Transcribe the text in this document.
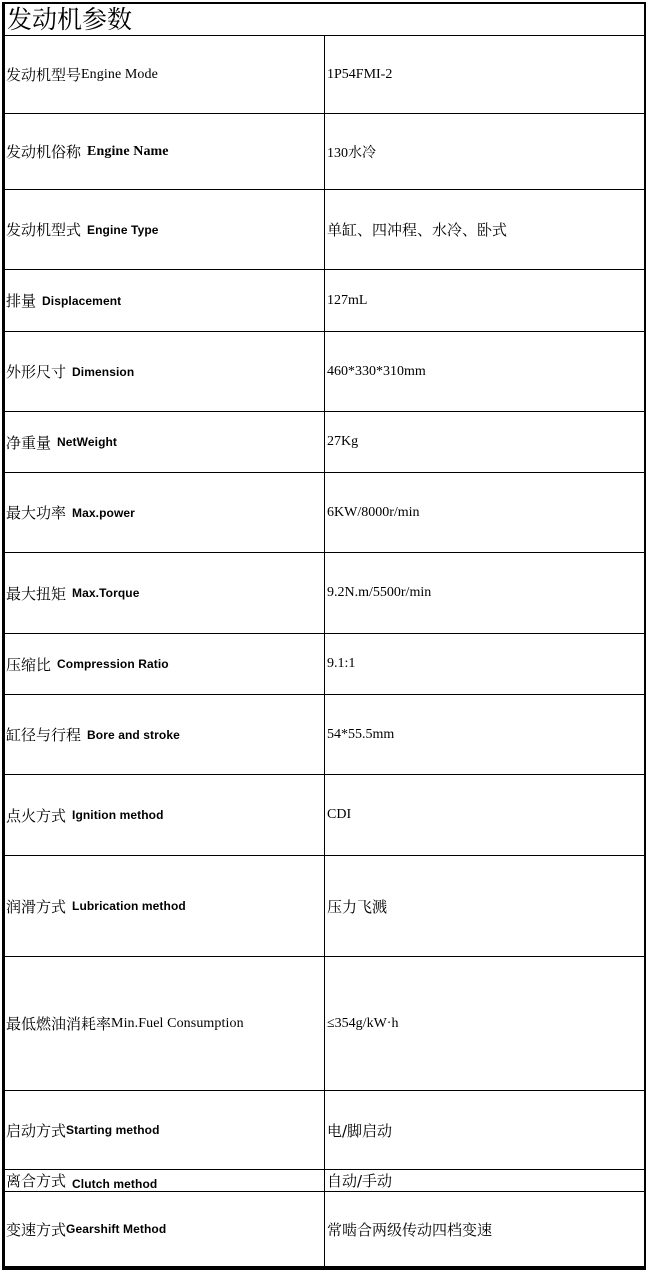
发动机参数
发动机型号 Engine Mode	1P54FMI-2
发动机俗称 Engine Name	130水冷
发动机型式 Engine Type	单缸、四冲程、水冷、卧式
排量 Displacement	127mL
外形尺寸 Dimension	460*330*310mm
净重量 NetWeight	27Kg
最大功率 Max.power	6KW/8000r/min
最大扭矩 Max.Torque	9.2N.m/5500r/min
压缩比 Compression Ratio	9.1:1
缸径与行程 Bore and stroke	54*55.5mm
点火方式 Ignition method	CDI
润滑方式 Lubrication method	压力飞溅
最低燃油消耗率 Min.Fuel Consumption	≤354g/kW·h
启动方式 Starting method	电/脚启动
离合方式 Clutch method	自动/手动
变速方式 Gearshift Method	常啮合两级传动四档变速
